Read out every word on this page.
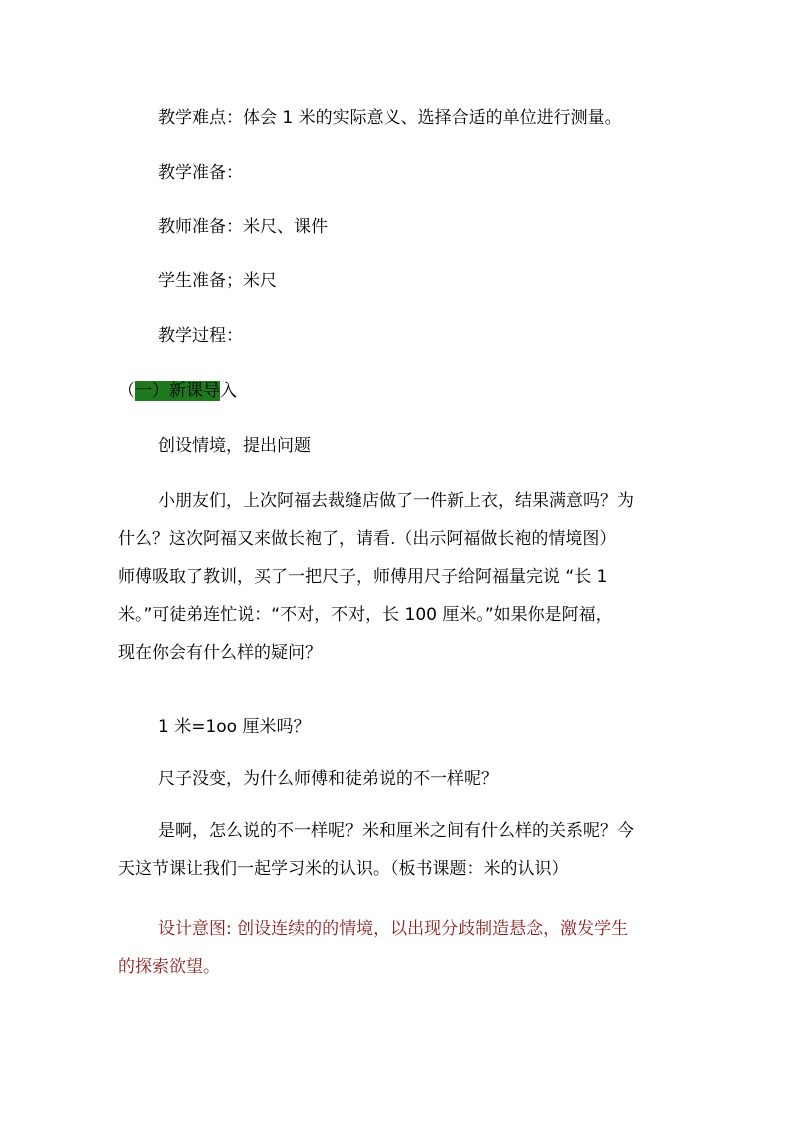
教学难点：体会 1 米的实际意义、选择合适的单位进行测量。
教学准备：
教师准备：米尺、课件
学生准备；米尺
教学过程：
（一）新课导入
创设情境，提出问题
小朋友们，上次阿福去裁缝店做了一件新上衣，结果满意吗？为
什么？这次阿福又来做长袍了，请看.（出示阿福做长袍的情境图）
师傅吸取了教训，买了一把尺子，师傅用尺子给阿福量完说 “长 1
米。”可徒弟连忙说：“不对，不对，长 100 厘米。”如果你是阿福，
现在你会有什么样的疑问？
1 米=1oo 厘米吗？
尺子没变，为什么师傅和徒弟说的不一样呢？
是啊，怎么说的不一样呢？米和厘米之间有什么样的关系呢？今
天这节课让我们一起学习米的认识。（板书课题：米的认识）
设计意图: 创设连续的的情境，以出现分歧制造悬念，激发学生
的探索欲望。
